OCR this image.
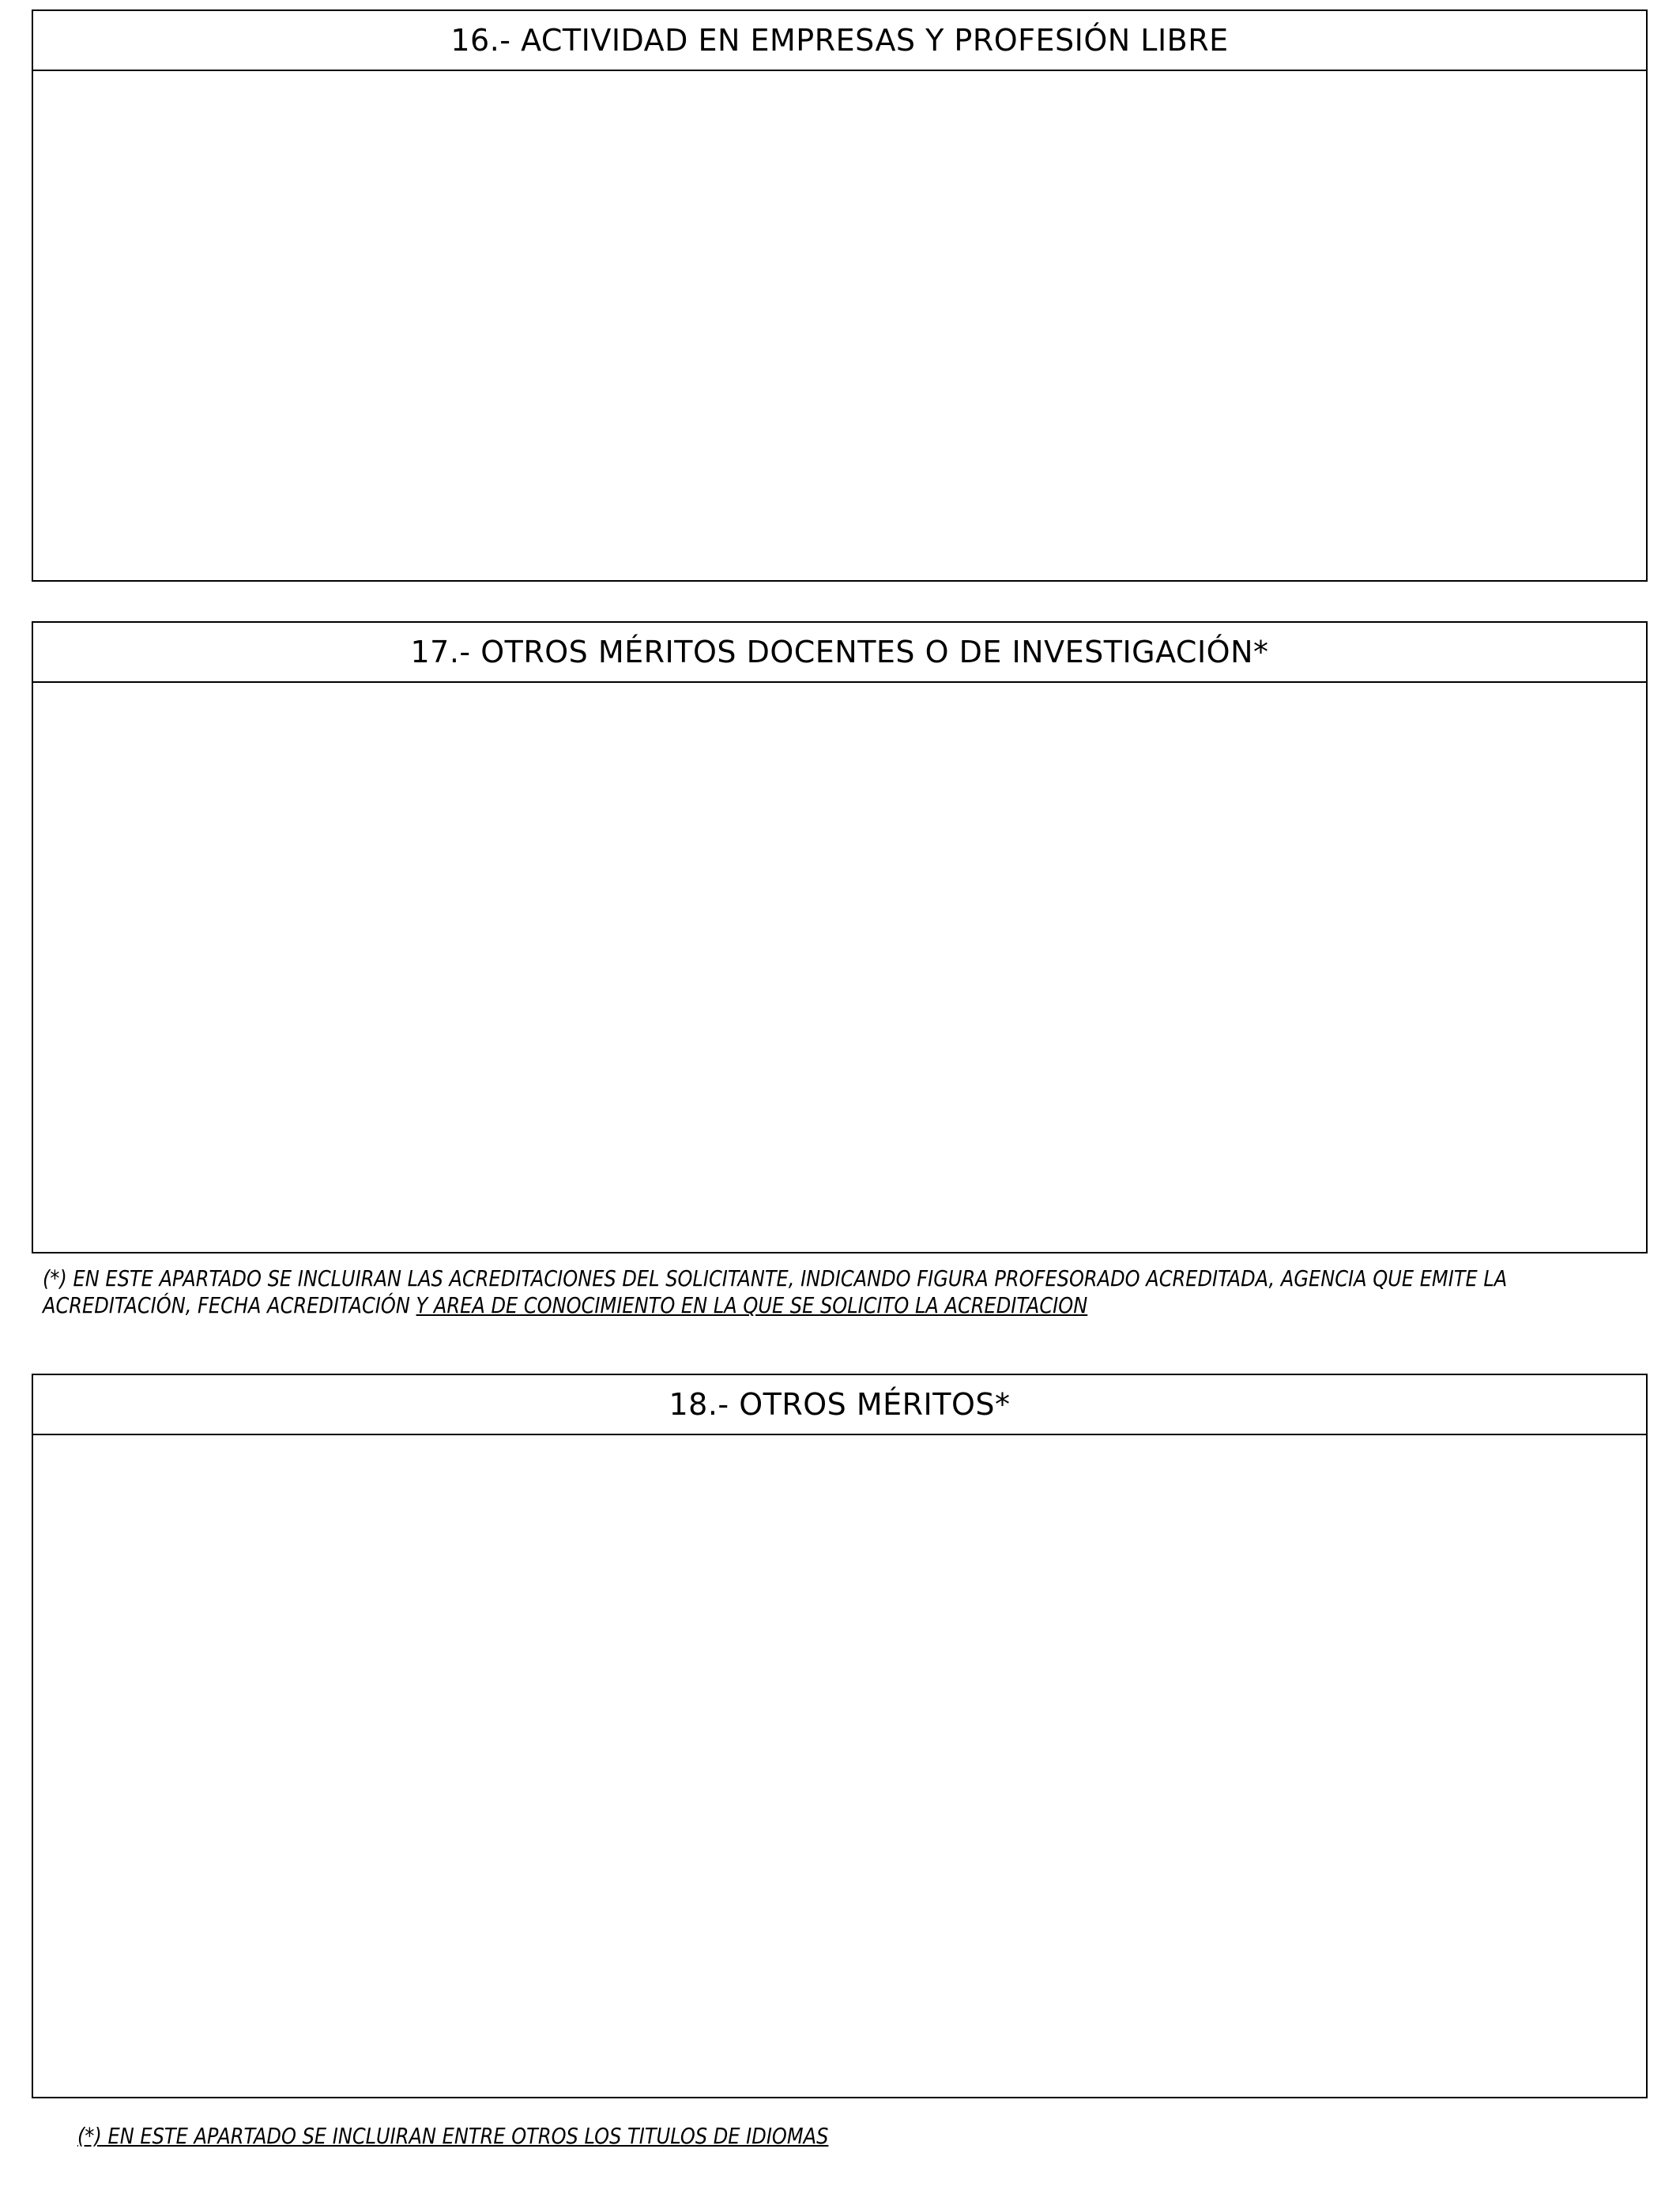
16.- ACTIVIDAD EN EMPRESAS Y PROFESIÓN LIBRE
17.- OTROS MÉRITOS DOCENTES O DE INVESTIGACIÓN*
(*) EN ESTE APARTADO SE INCLUIRAN LAS ACREDITACIONES DEL SOLICITANTE, INDICANDO FIGURA PROFESORADO ACREDITADA, AGENCIA QUE EMITE LA ACREDITACIÓN, FECHA ACREDITACIÓN Y AREA DE CONOCIMIENTO EN LA QUE SE SOLICITO LA ACREDITACION
18.- OTROS MÉRITOS*
(*) EN ESTE APARTADO SE INCLUIRAN ENTRE OTROS LOS TITULOS DE IDIOMAS
